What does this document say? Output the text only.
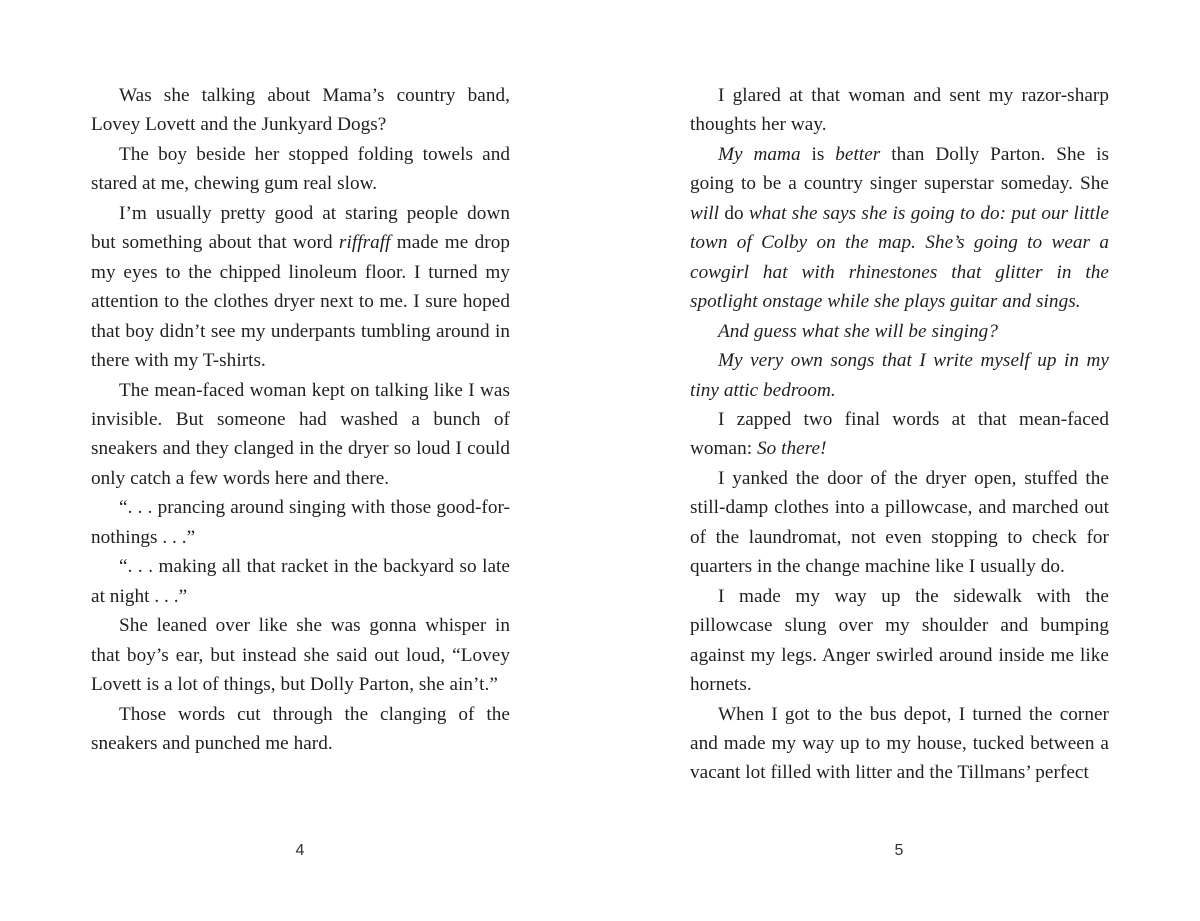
Was she talking about Mama’s country band, Lovey Lovett and the Junkyard Dogs?

The boy beside her stopped folding towels and stared at me, chewing gum real slow.

I’m usually pretty good at staring people down but something about that word riffraff made me drop my eyes to the chipped linoleum floor. I turned my attention to the clothes dryer next to me. I sure hoped that boy didn’t see my underpants tumbling around in there with my T-shirts.

The mean-faced woman kept on talking like I was invisible. But someone had washed a bunch of sneakers and they clanged in the dryer so loud I could only catch a few words here and there.

“. . . prancing around singing with those good-for-nothings . . .”

“. . . making all that racket in the backyard so late at night . . .”

She leaned over like she was gonna whisper in that boy’s ear, but instead she said out loud, “Lovey Lovett is a lot of things, but Dolly Parton, she ain’t.”

Those words cut through the clanging of the sneakers and punched me hard.

I glared at that woman and sent my razor-sharp thoughts her way.

My mama is better than Dolly Parton. She is going to be a country singer superstar someday. She will do what she says she is going to do: put our little town of Colby on the map. She’s going to wear a cowgirl hat with rhinestones that glitter in the spotlight onstage while she plays guitar and sings.

And guess what she will be singing?

My very own songs that I write myself up in my tiny attic bedroom.

I zapped two final words at that mean-faced woman: So there!

I yanked the door of the dryer open, stuffed the still-damp clothes into a pillowcase, and marched out of the laundromat, not even stopping to check for quarters in the change machine like I usually do.

I made my way up the sidewalk with the pillowcase slung over my shoulder and bumping against my legs. Anger swirled around inside me like hornets.

When I got to the bus depot, I turned the corner and made my way up to my house, tucked between a vacant lot filled with litter and the Tillmans’ perfect

4	5
